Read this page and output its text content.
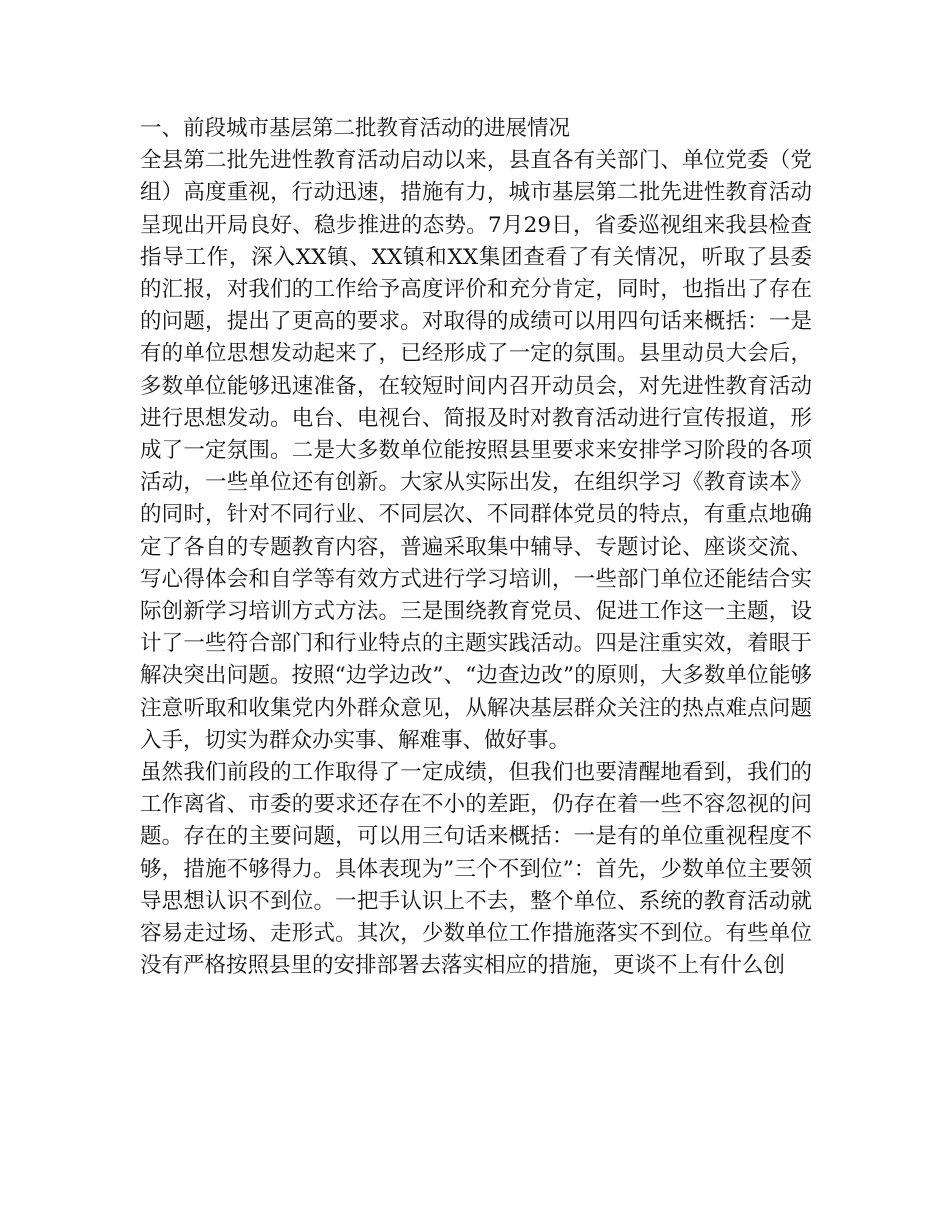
一、前段城市基层第二批教育活动的进展情况

全县第二批先进性教育活动启动以来，县直各有关部门、单位党委（党组）高度重视，行动迅速，措施有力，城市基层第二批先进性教育活动呈现出开局良好、稳步推进的态势。7月29日，省委巡视组来我县检查指导工作，深入XX镇、XX镇和XX集团查看了有关情况，听取了县委的汇报，对我们的工作给予高度评价和充分肯定，同时，也指出了存在的问题，提出了更高的要求。对取得的成绩可以用四句话来概括：一是有的单位思想发动起来了，已经形成了一定的氛围。县里动员大会后，多数单位能够迅速准备，在较短时间内召开动员会，对先进性教育活动进行思想发动。电台、电视台、简报及时对教育活动进行宣传报道，形成了一定氛围。二是大多数单位能按照县里要求来安排学习阶段的各项活动，一些单位还有创新。大家从实际出发，在组织学习《教育读本》的同时，针对不同行业、不同层次、不同群体党员的特点，有重点地确定了各自的专题教育内容，普遍采取集中辅导、专题讨论、座谈交流、写心得体会和自学等有效方式进行学习培训，一些部门单位还能结合实际创新学习培训方式方法。三是围绕教育党员、促进工作这一主题，设计了一些符合部门和行业特点的主题实践活动。四是注重实效，着眼于解决突出问题。按照“边学边改”、“边查边改”的原则，大多数单位能够注意听取和收集党内外群众意见，从解决基层群众关注的热点难点问题入手，切实为群众办实事、解难事、做好事。

虽然我们前段的工作取得了一定成绩，但我们也要清醒地看到，我们的工作离省、市委的要求还存在不小的差距，仍存在着一些不容忽视的问题。存在的主要问题，可以用三句话来概括：一是有的单位重视程度不够，措施不够得力。具体表现为”三个不到位”：首先，少数单位主要领导思想认识不到位。一把手认识上不去，整个单位、系统的教育活动就容易走过场、走形式。其次，少数单位工作措施落实不到位。有些单位没有严格按照县里的安排部署去落实相应的措施，更谈不上有什么创
